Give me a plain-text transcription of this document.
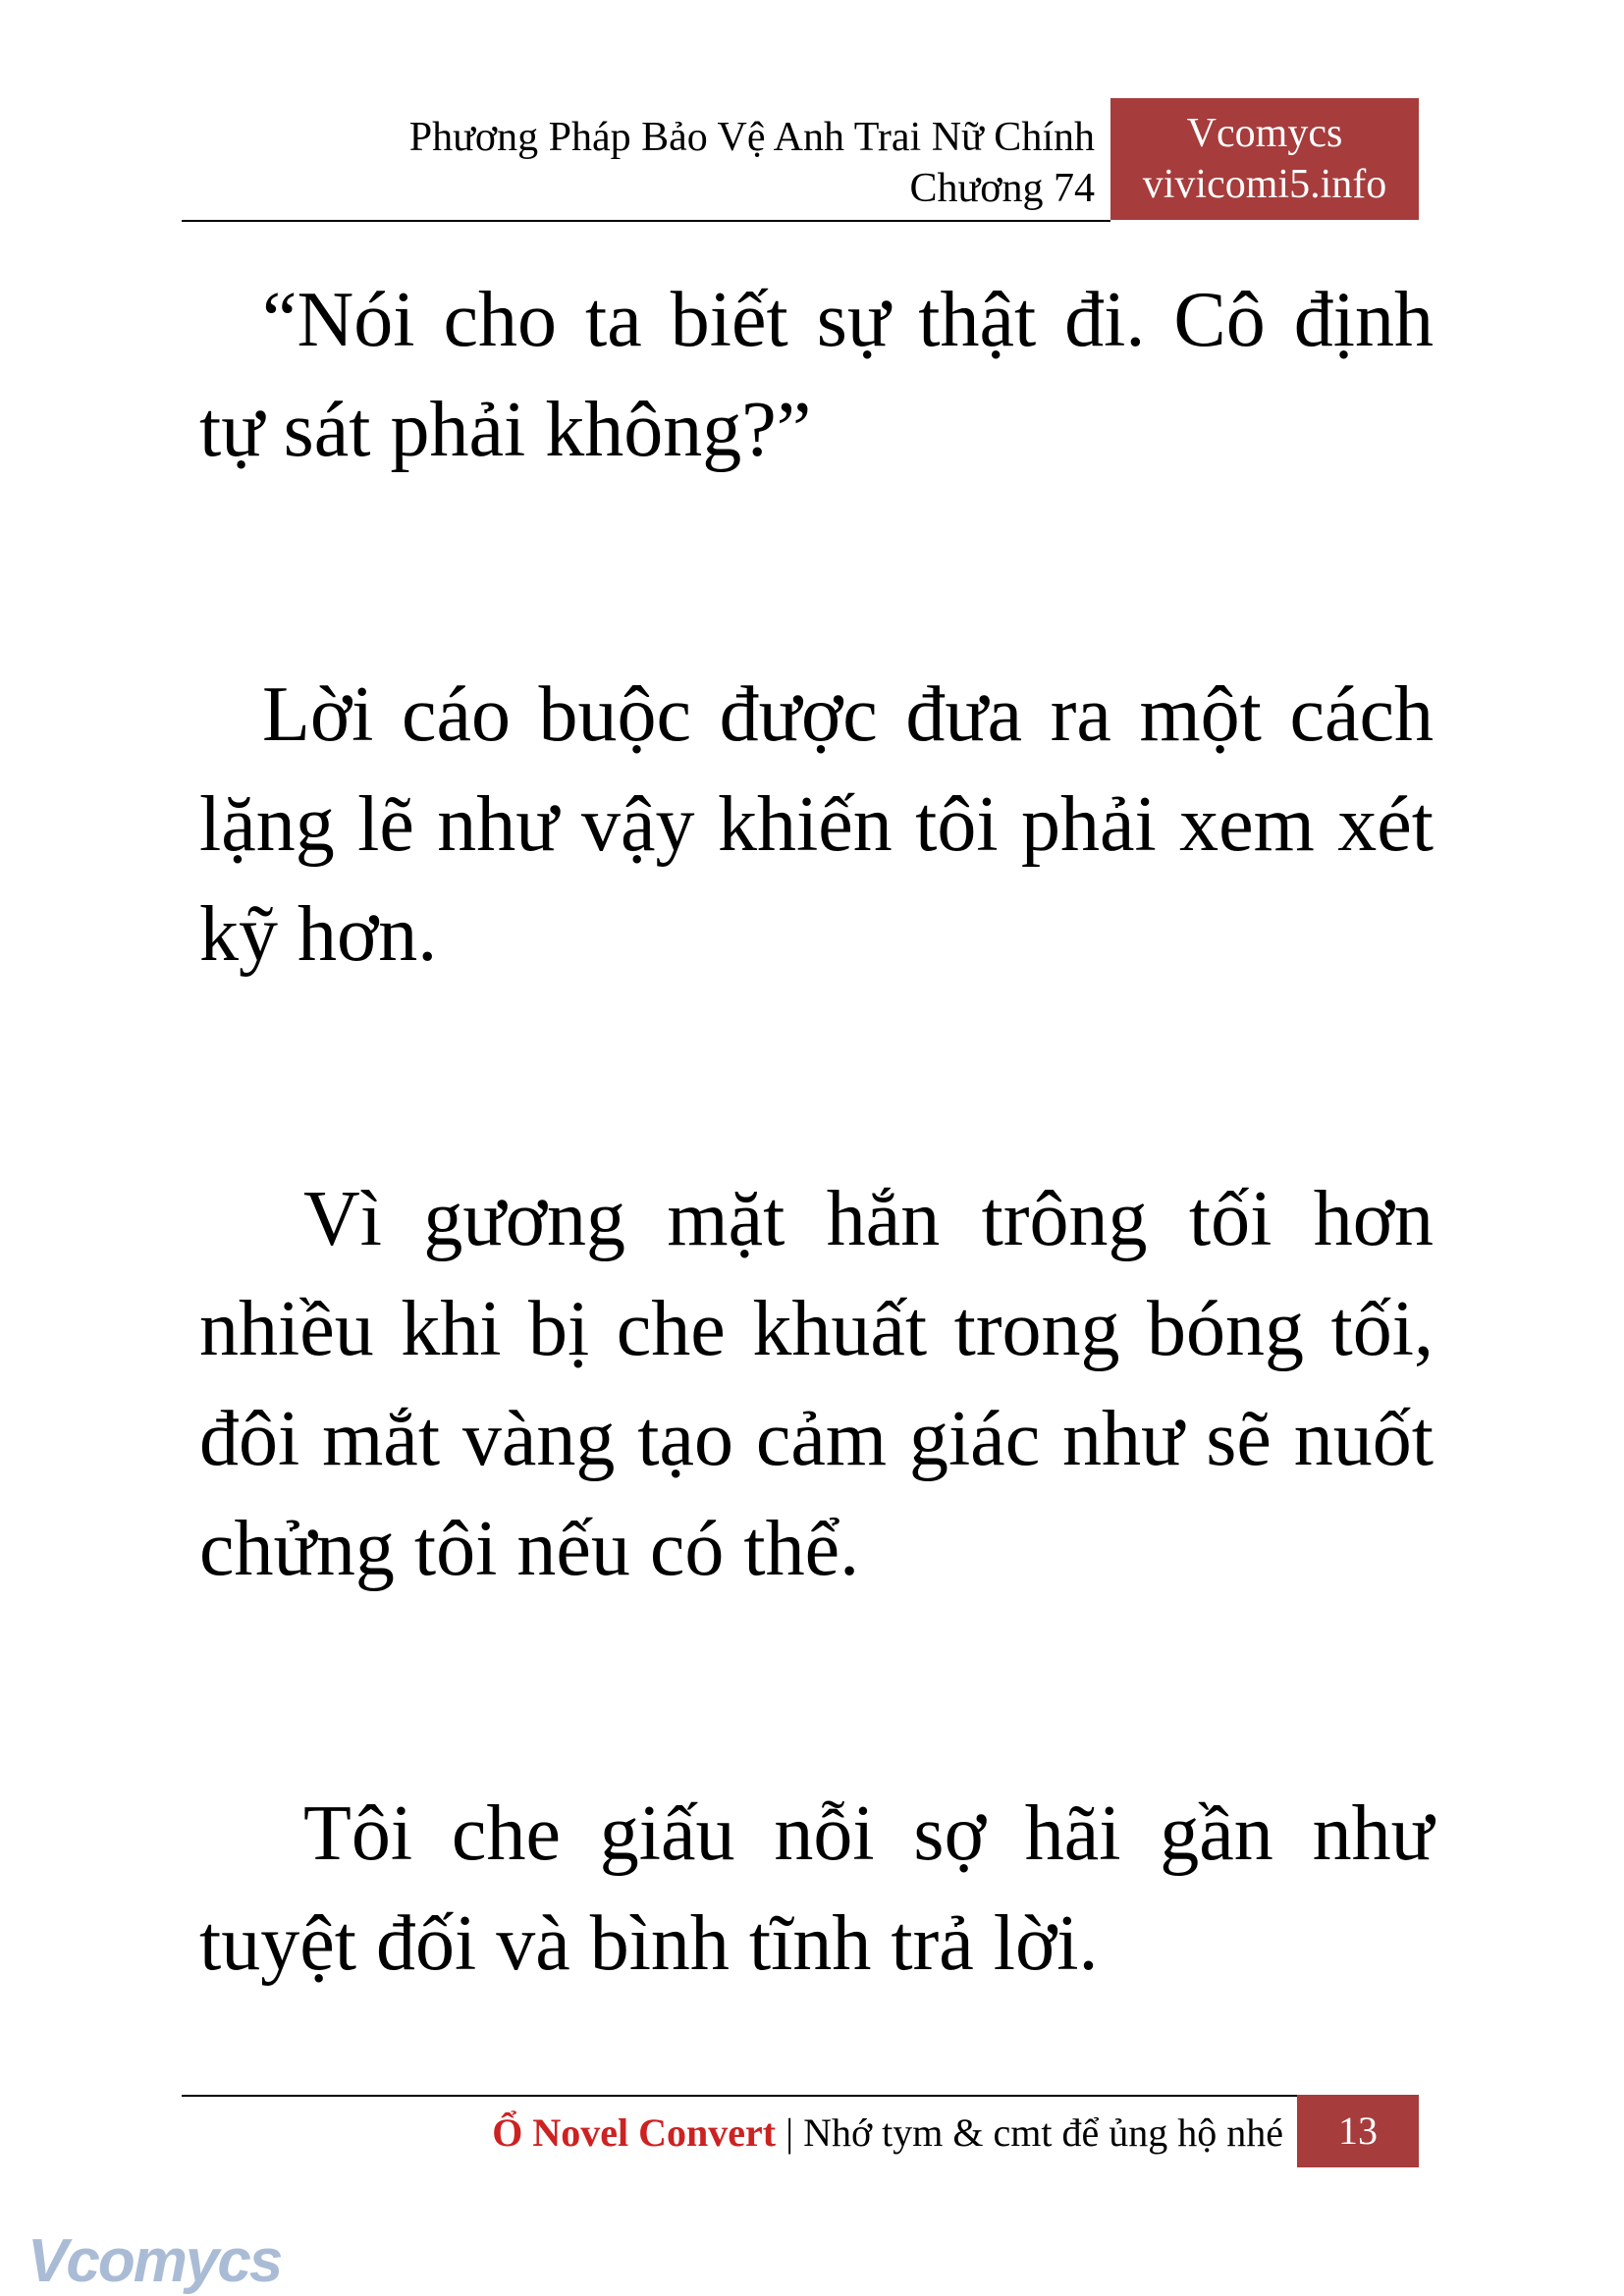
Phương Pháp Bảo Vệ Anh Trai Nữ Chính
Chương 74
Vcomycs
vivicomi5.info

“Nói cho ta biết sự thật đi. Cô định tự sát phải không?”

Lời cáo buộc được đưa ra một cách lặng lẽ như vậy khiến tôi phải xem xét kỹ hơn.

Vì gương mặt hắn trông tối hơn nhiều khi bị che khuất trong bóng tối, đôi mắt vàng tạo cảm giác như sẽ nuốt chửng tôi nếu có thể.

Tôi che giấu nỗi sợ hãi gần như tuyệt đối và bình tĩnh trả lời.

Ổ Novel Convert | Nhớ tym & cmt để ủng hộ nhé	13
Vcomycs
